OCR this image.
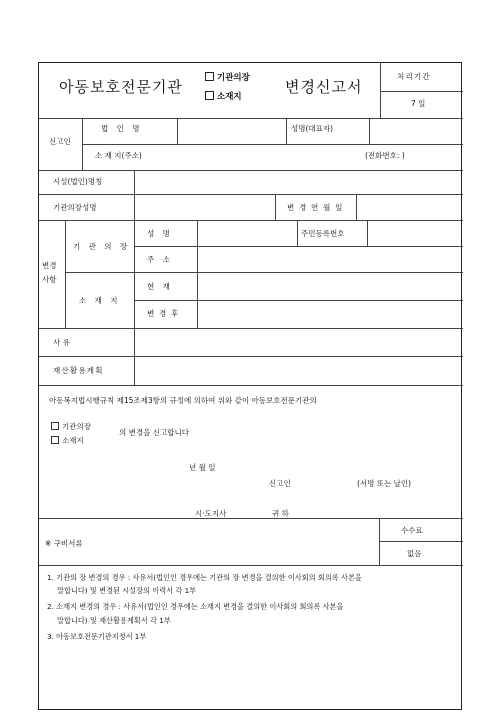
아동보호전문기관	기관의장
소재지
변경신고서
처리기간
7 일
신고인
법 인 명	성명(대표자)
소 재 지(주소)	(전화번호: )
시설(법인)명칭
기관의장성명	변 경 연 월 일
변경
사항
기 관 의 장
성 명	주민등록번호
주 소
소 재 지
현 재
변 경 후
사 유
재산활용계획
아동복지법시행규칙 제15조제3항의 규정에 의하여 위와 같이 아동보호전문기관의
기관의장
소재지
의 변경을 신고합니다
년 월 일
신고인	(서명 또는 날인)
시·도지사	귀 하
※ 구비서류
수수료
없음
1. 기관의 장 변경의 경우 : 사유서(법인인 경우에는 기관의 장 변경을 결의한 이사회의 회의록 사본을
말합니다) 및 변경된 시설장의 이력서 각 1부
2. 소재지 변경의 경우 : 사유서(법인인 경우에는 소재지 변경을 결의한 이사회의 회의록 사본을
말합니다) 및 재산활용계획서 각 1부
3. 아동보호전문기관지정서 1부
